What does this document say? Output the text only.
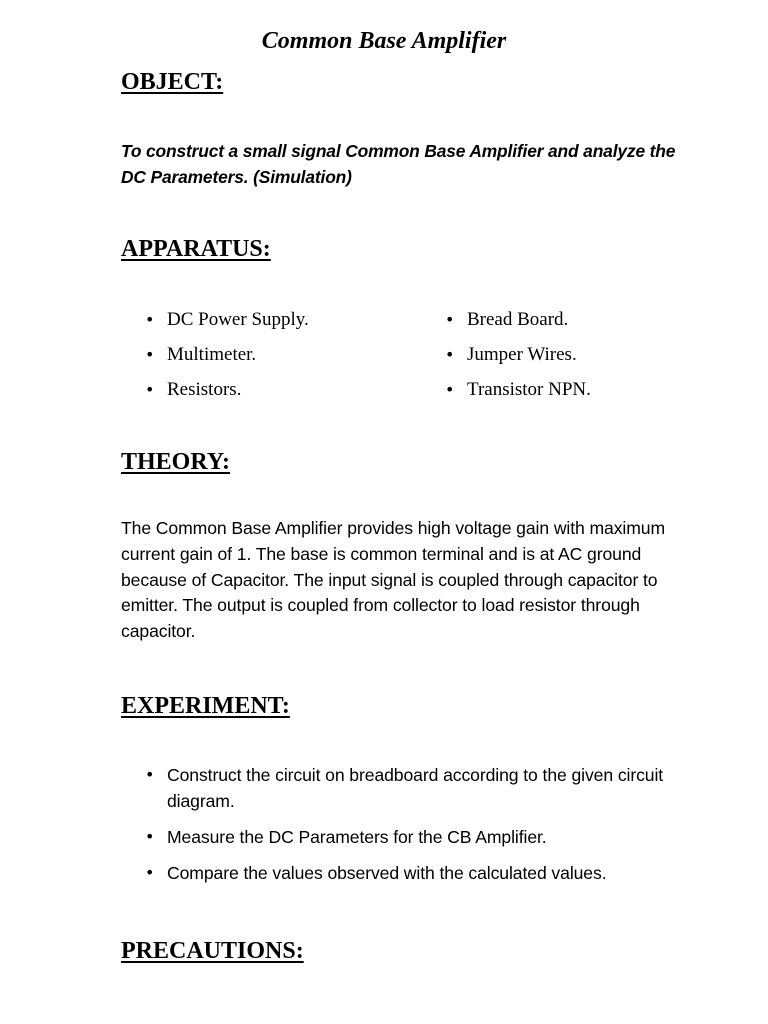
Common Base Amplifier
OBJECT:

To construct a small signal Common Base Amplifier and analyze the DC Parameters. (Simulation)

APPARATUS:
• DC Power Supply.
• Multimeter.
• Resistors.
• Bread Board.
• Jumper Wires.
• Transistor NPN.
THEORY:

The Common Base Amplifier provides high voltage gain with maximum current gain of 1. The base is common terminal and is at AC ground because of Capacitor. The input signal is coupled through capacitor to emitter. The output is coupled from collector to load resistor through capacitor.

EXPERIMENT:
• Construct the circuit on breadboard according to the given circuit diagram.
• Measure the DC Parameters for the CB Amplifier.
• Compare the values observed with the calculated values.
PRECAUTIONS:
